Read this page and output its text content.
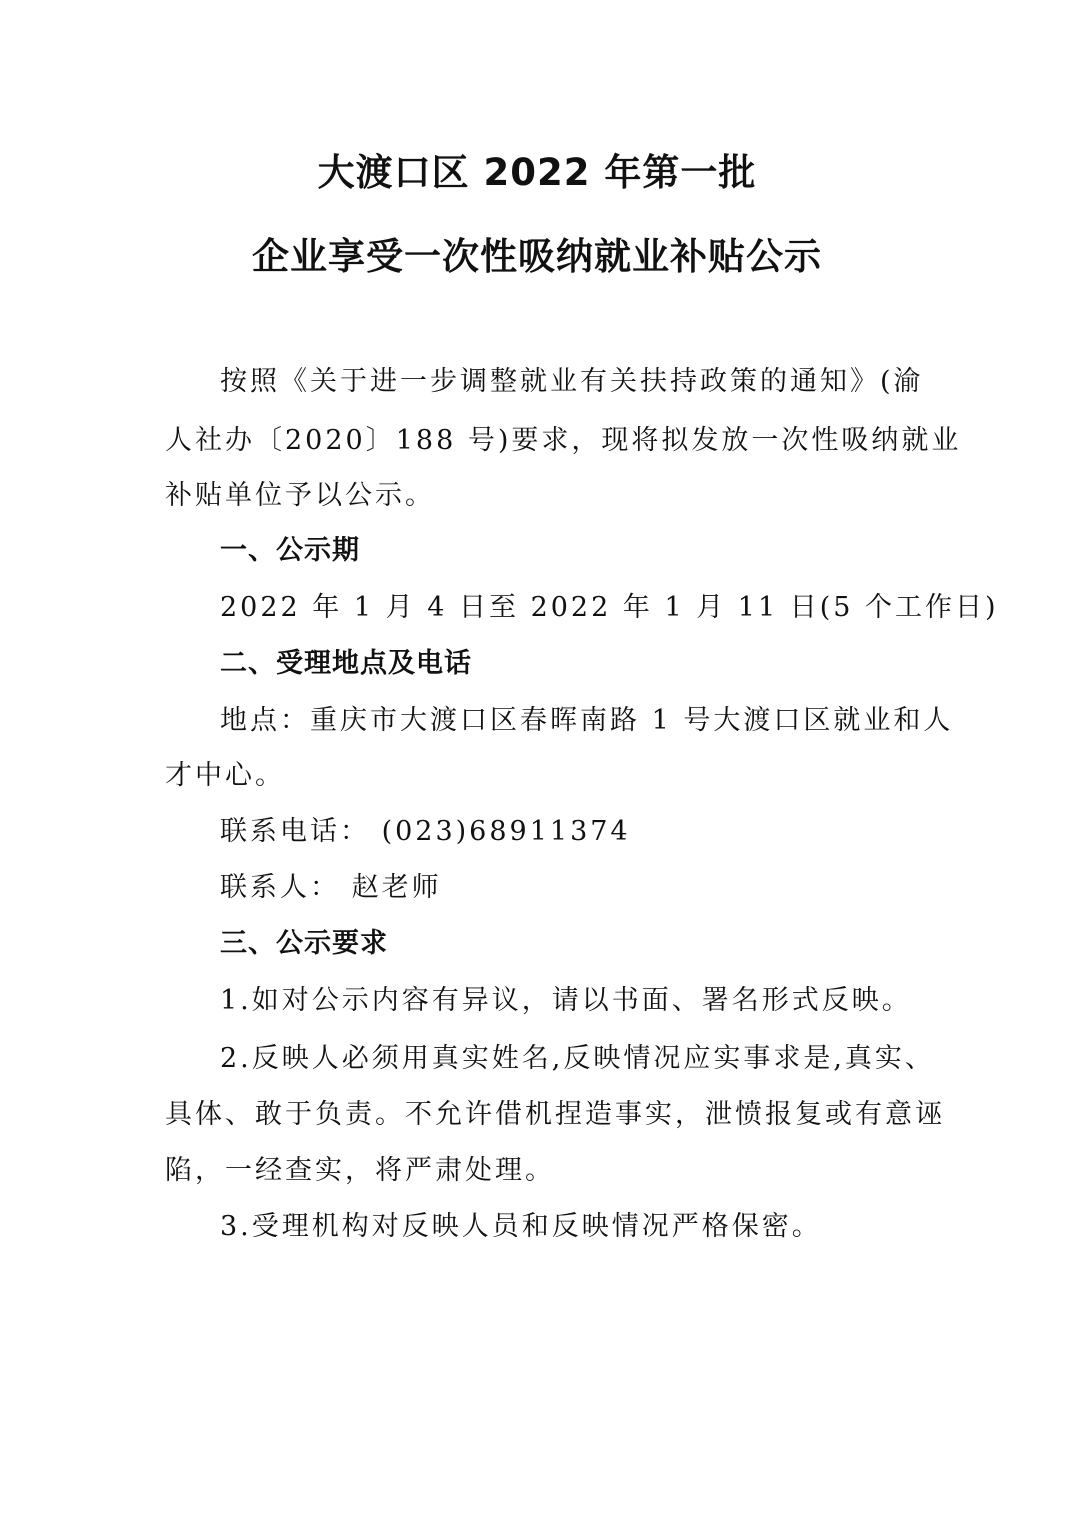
大渡口区 2022 年第一批
企业享受一次性吸纳就业补贴公示
按照《关于进一步调整就业有关扶持政策的通知》(渝
人社办〔2020〕188 号)要求，现将拟发放一次性吸纳就业
补贴单位予以公示。
一、公示期
2022 年 1 月 4 日至 2022 年 1 月 11 日(5 个工作日)
二、受理地点及电话
地点：重庆市大渡口区春晖南路 1 号大渡口区就业和人
才中心。
联系电话： (023)68911374
联系人： 赵老师
三、公示要求
1.如对公示内容有异议，请以书面、署名形式反映。
2.反映人必须用真实姓名,反映情况应实事求是,真实、
具体、敢于负责。不允许借机捏造事实，泄愤报复或有意诬
陷，一经查实，将严肃处理。
3.受理机构对反映人员和反映情况严格保密。
